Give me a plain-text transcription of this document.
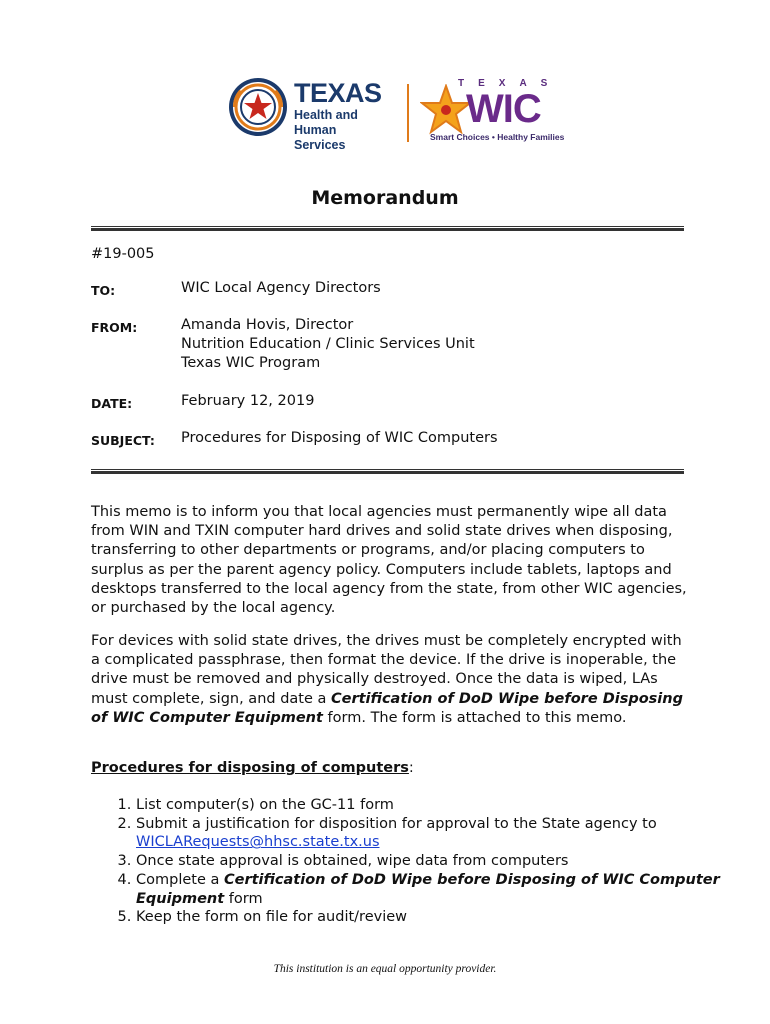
TEXAS
Health and Human
Services
TEXAS
WIC
Smart Choices • Healthy Families
Memorandum
#19-005
TO:	WIC Local Agency Directors
FROM:	Amanda Hovis, Director
Nutrition Education / Clinic Services Unit
Texas WIC Program
DATE:	February 12, 2019
SUBJECT: Procedures for Disposing of WIC Computers
This memo is to inform you that local agencies must permanently wipe all data from WIN and TXIN computer hard drives and solid state drives when disposing, transferring to other departments or programs, and/or placing computers to surplus as per the parent agency policy. Computers include tablets, laptops and desktops transferred to the local agency from the state, from other WIC agencies, or purchased by the local agency.
For devices with solid state drives, the drives must be completely encrypted with a complicated passphrase, then format the device. If the drive is inoperable, the drive must be removed and physically destroyed. Once the data is wiped, LAs must complete, sign, and date a Certification of DoD Wipe before Disposing of WIC Computer Equipment form. The form is attached to this memo.
Procedures for disposing of computers:
1. List computer(s) on the GC-11 form
2. Submit a justification for disposition for approval to the State agency to WICLARequests@hhsc.state.tx.us
3. Once state approval is obtained, wipe data from computers
4. Complete a Certification of DoD Wipe before Disposing of WIC Computer Equipment form
5. Keep the form on file for audit/review
This institution is an equal opportunity provider.
